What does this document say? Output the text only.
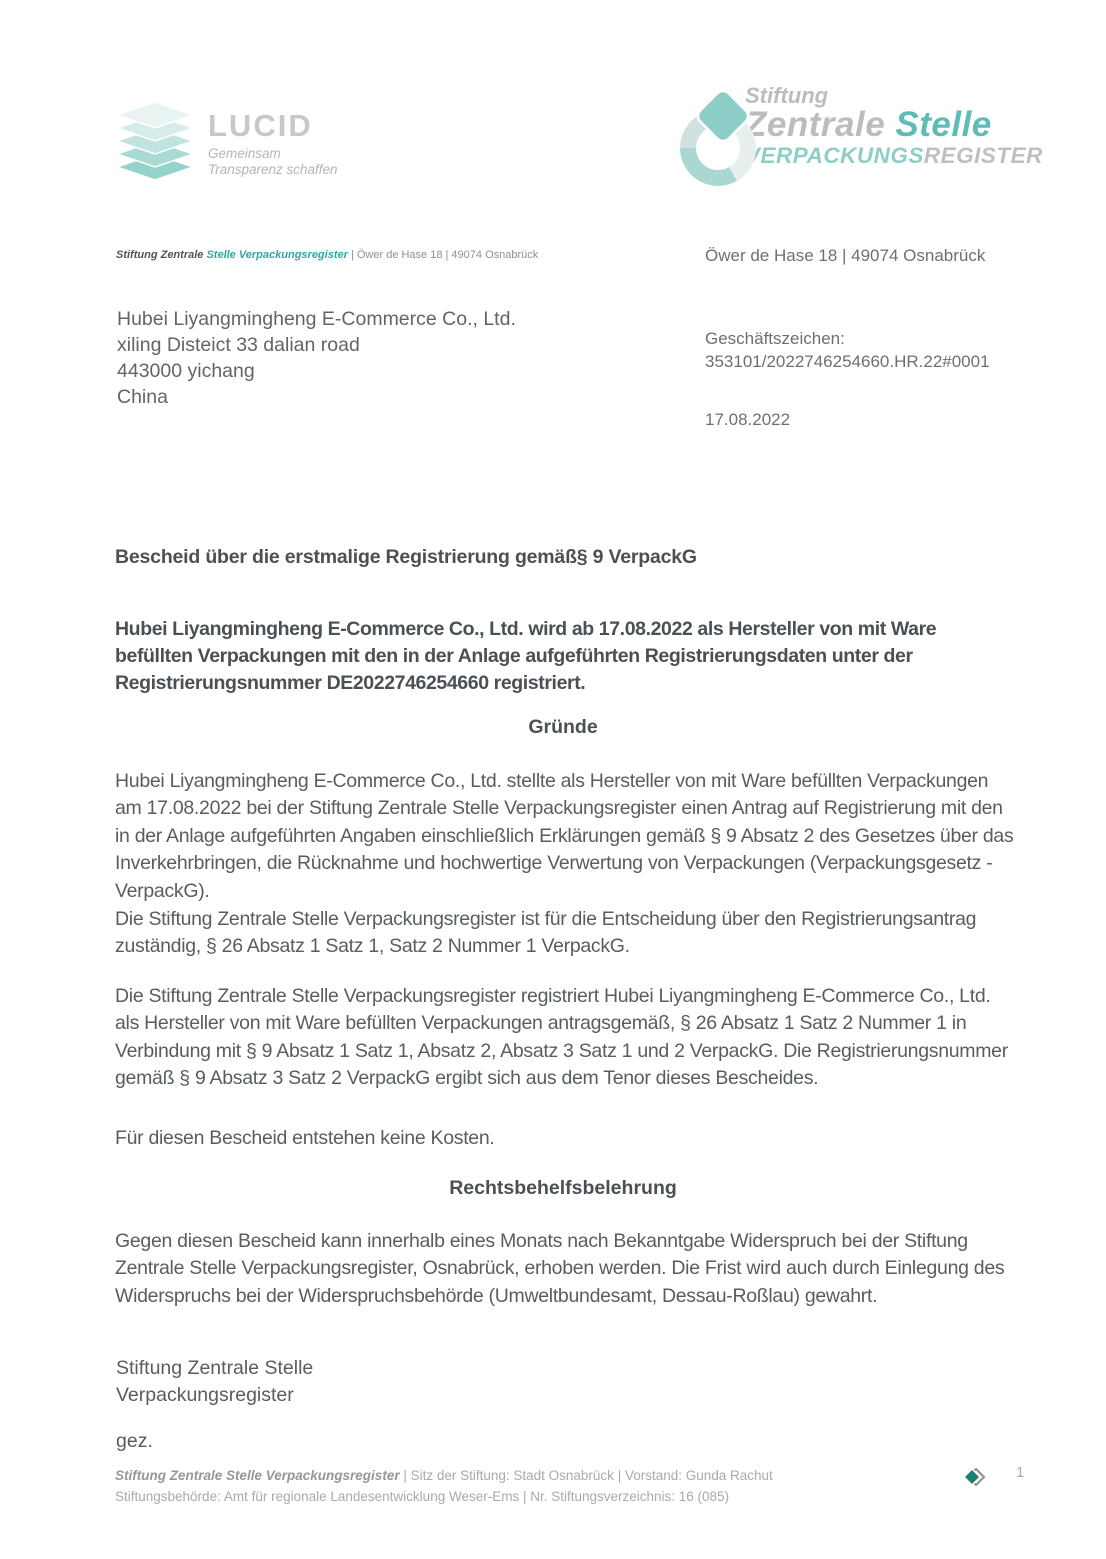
LUCID
Gemeinsam
Transparenz schaffen
Stiftung
Zentrale Stelle
VERPACKUNGSREGISTER
Stiftung Zentrale Stelle Verpackungsregister | Öwer de Hase 18 | 49074 Osnabrück	Öwer de Hase 18 | 49074 Osnabrück
Geschäftszeichen:
353101/2022746254660.HR.22#0001
17.08.2022
Hubei Liyangmingheng E-Commerce Co., Ltd.
xiling Disteict 33 dalian road
443000 yichang
China
Bescheid über die erstmalige Registrierung gemäß§ 9 VerpackG
Hubei Liyangmingheng E-Commerce Co., Ltd. wird ab 17.08.2022 als Hersteller von mit Ware befüllten Verpackungen mit den in der Anlage aufgeführten Registrierungsdaten unter der Registrierungsnummer DE2022746254660 registriert.
Gründe
Hubei Liyangmingheng E-Commerce Co., Ltd. stellte als Hersteller von mit Ware befüllten Verpackungen am 17.08.2022 bei der Stiftung Zentrale Stelle Verpackungsregister einen Antrag auf Registrierung mit den in der Anlage aufgeführten Angaben einschließlich Erklärungen gemäß § 9 Absatz 2 des Gesetzes über das Inverkehrbringen, die Rücknahme und hochwertige Verwertung von Verpackungen (Verpackungsgesetz - VerpackG).
Die Stiftung Zentrale Stelle Verpackungsregister ist für die Entscheidung über den Registrierungsantrag zuständig, § 26 Absatz 1 Satz 1, Satz 2 Nummer 1 VerpackG.
Die Stiftung Zentrale Stelle Verpackungsregister registriert Hubei Liyangmingheng E-Commerce Co., Ltd. als Hersteller von mit Ware befüllten Verpackungen antragsgemäß, § 26 Absatz 1 Satz 2 Nummer 1 in Verbindung mit § 9 Absatz 1 Satz 1, Absatz 2, Absatz 3 Satz 1 und 2 VerpackG. Die Registrierungsnummer gemäß § 9 Absatz 3 Satz 2 VerpackG ergibt sich aus dem Tenor dieses Bescheides.
Für diesen Bescheid entstehen keine Kosten.
Rechtsbehelfsbelehrung
Gegen diesen Bescheid kann innerhalb eines Monats nach Bekanntgabe Widerspruch bei der Stiftung Zentrale Stelle Verpackungsregister, Osnabrück, erhoben werden. Die Frist wird auch durch Einlegung des Widerspruchs bei der Widerspruchsbehörde (Umweltbundesamt, Dessau-Roßlau) gewahrt.
Stiftung Zentrale Stelle
Verpackungsregister
gez.
Stiftung Zentrale Stelle Verpackungsregister | Sitz der Stiftung: Stadt Osnabrück | Vorstand: Gunda Rachut
Stiftungsbehörde: Amt für regionale Landesentwicklung Weser-Ems | Nr. Stiftungsverzeichnis: 16 (085)
1
